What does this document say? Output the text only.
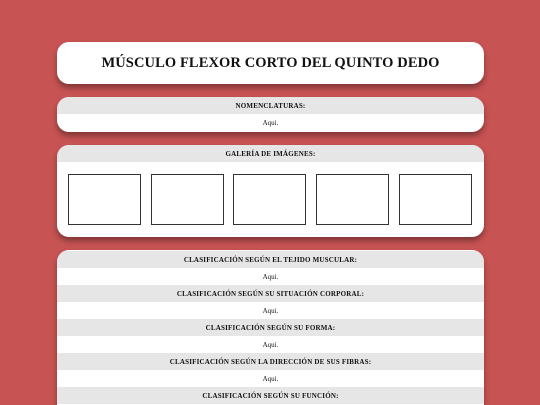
MÚSCULO FLEXOR CORTO DEL QUINTO DEDO
NOMENCLATURAS:
Aqui.
GALERÍA DE IMÁGENES:
CLASIFICACIÓN SEGÚN EL TEJIDO MUSCULAR:
Aqui.
CLASIFICACIÓN SEGÚN SU SITUACIÓN CORPORAL:
Aqui.
CLASIFICACIÓN SEGÚN SU FORMA:
Aqui.
CLASIFICACIÓN SEGÚN LA DIRECCIÓN DE SUS FIBRAS:
Aqui.
CLASIFICACIÓN SEGÚN SU FUNCIÓN:
